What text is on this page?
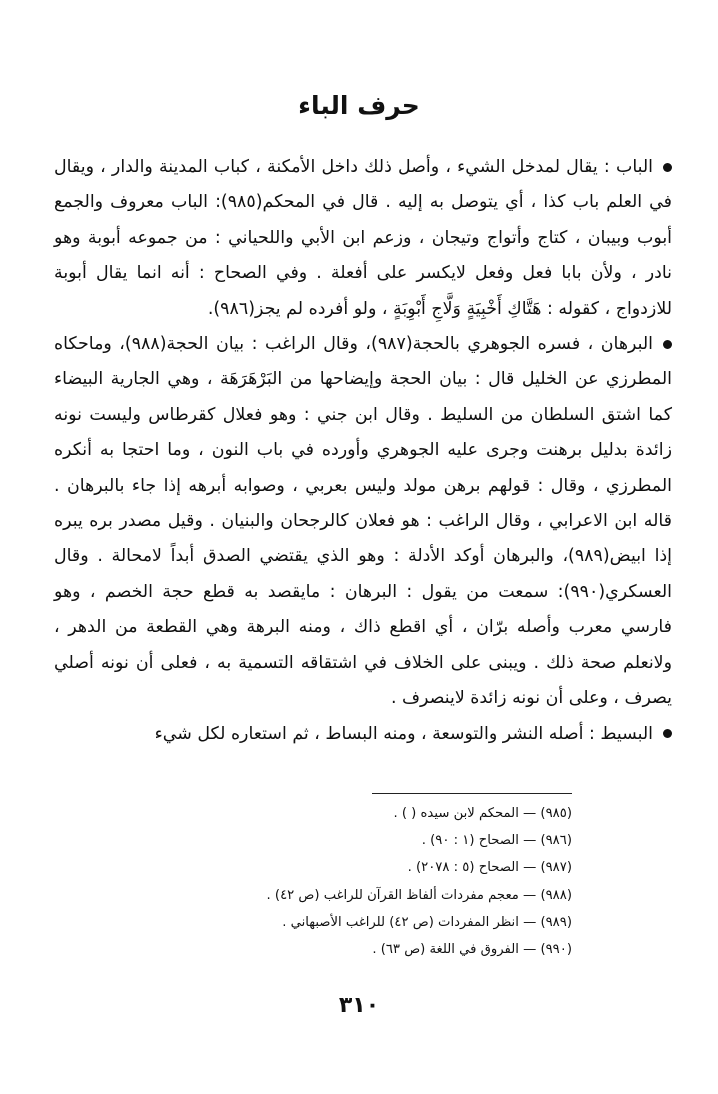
حرف الباء

الباب : يقال لمدخل الشيء ، وأصل ذلك داخل الأمكنة ، كباب المدينة والدار ، ويقال في العلم باب كذا ، أي يتوصل به إليه . قال في المحكم(٩٨٥): الباب معروف والجمع أبوب وبيبان ، كتاج وأتواج وتيجان ، وزعم ابن الأبي واللحياني : من جموعه أبوبة وهو نادر ، ولأن بابا فعل وفعل لايكسر على أفعلة . وفي الصحاح : أنه انما يقال أبوبة للازدواج ، كقوله : هَتَّاكِ أَخْبِيَةٍ وَلَّاجِ أَبْوِبَةٍ ، ولو أفرده لم يجز(٩٨٦).

البرهان ، فسره الجوهري بالحجة(٩٨٧)، وقال الراغب : بيان الحجة(٩٨٨)، وماحكاه المطرزي عن الخليل قال : بيان الحجة وإيضاحها من البَرْهَرَهَة ، وهي الجارية البيضاء كما اشتق السلطان من السليط . وقال ابن جني : وهو فعلال كقرطاس وليست نونه زائدة بدليل برهنت وجرى عليه الجوهري وأورده في باب النون ، وما احتجا به أنكره المطرزي ، وقال : قولهم برهن مولد وليس بعربي ، وصوابه أبرهه إذا جاء بالبرهان . قاله ابن الاعرابي ، وقال الراغب : هو فعلان كالرجحان والبنيان . وقيل مصدر بره يبره إذا ابيض(٩٨٩)، والبرهان أوكد الأدلة : وهو الذي يقتضي الصدق أبداً لامحالة . وقال العسكري(٩٩٠): سمعت من يقول : البرهان : مايقصد به قطع حجة الخصم ، وهو فارسي معرب وأصله برّان ، أي اقطع ذاك ، ومنه البرهة وهي القطعة من الدهر ، ولانعلم صحة ذلك . ويبنى على الخلاف في اشتقاقه التسمية به ، فعلى أن نونه أصلي يصرف ، وعلى أن نونه زائدة لاينصرف .

البسيط : أصله النشر والتوسعة ، ومنه البساط ، ثم استعاره لكل شيء

(٩٨٥) — المحكم لابن سيده ( ) .
(٩٨٦) — الصحاح (١ : ٩٠) .
(٩٨٧) — الصحاح (٥ : ٢٠٧٨) .
(٩٨٨) — معجم مفردات ألفاظ القرآن للراغب (ص ٤٢) .
(٩٨٩) — انظر المفردات (ص ٤٢) للراغب الأصبهاني .
(٩٩٠) — الفروق في اللغة (ص ٦٣) .
٣١٠
